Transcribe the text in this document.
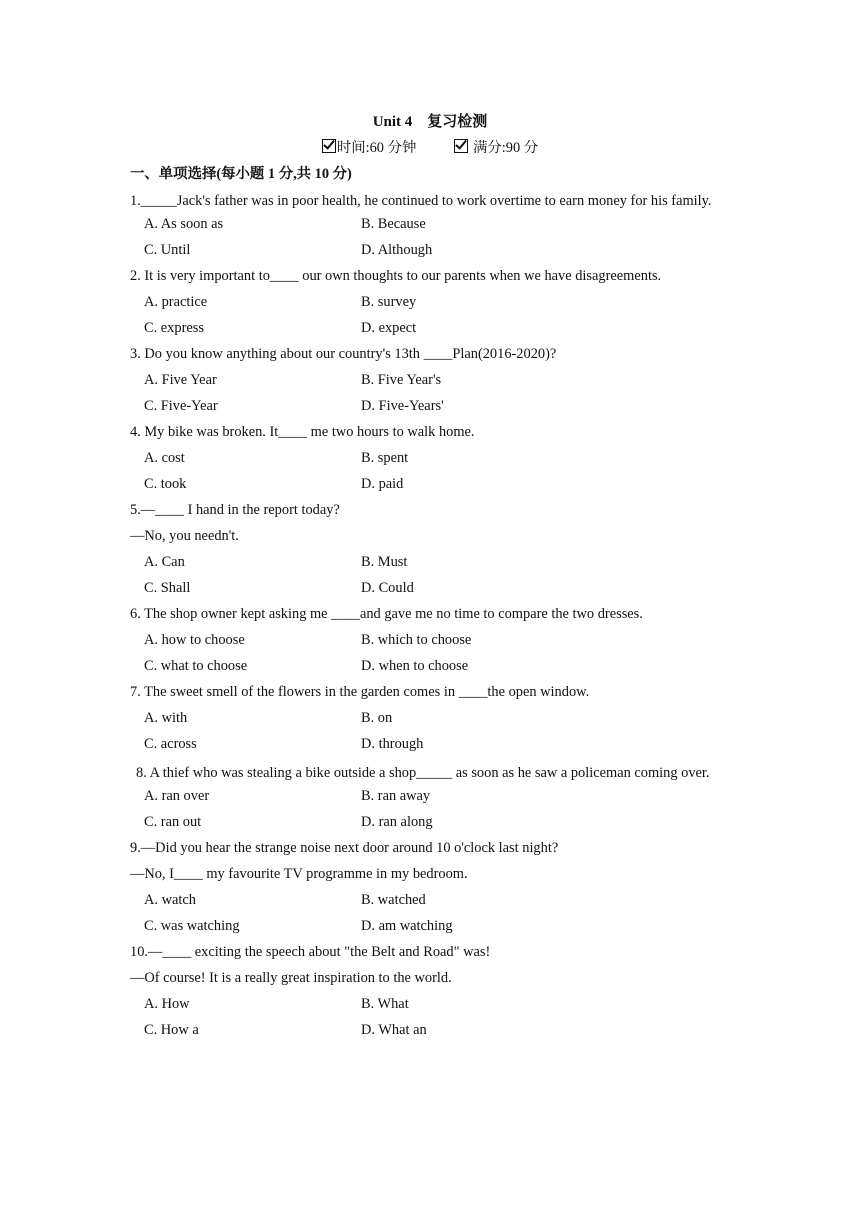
Unit 4　复习检测
时间:60 分钟	满分:90 分
一、单项选择(每小题 1 分,共 10 分)
1._____Jack's father was in poor health, he continued to work overtime to earn money for his family.
A. As soon as	B. Because
C. Until	D. Although
2. It is very important to____ our own thoughts to our parents when we have disagreements.
A. practice	B. survey
C. express	D. expect
3. Do you know anything about our country's 13th ____Plan(2016-2020)?
A. Five Year	B. Five Year's
C. Five-Year	D. Five-Years'
4. My bike was broken. It____ me two hours to walk home.
A. cost	B. spent
C. took	D. paid
5.—____ I hand in the report today?
—No, you needn't.
A. Can	B. Must
C. Shall	D. Could
6. The shop owner kept asking me ____and gave me no time to compare the two dresses.
A. how to choose	B. which to choose
C. what to choose	D. when to choose
7. The sweet smell of the flowers in the garden comes in ____the open window.
A. with	B. on
C. across	D. through
8. A thief who was stealing a bike outside a shop_____ as soon as he saw a policeman coming over.
A. ran over	B. ran away
C. ran out	D. ran along
9.—Did you hear the strange noise next door around 10 o'clock last night?
—No, I____ my favourite TV programme in my bedroom.
A. watch	B. watched
C. was watching	D. am watching
10.—____ exciting the speech about "the Belt and Road" was!
—Of course! It is a really great inspiration to the world.
A. How	B. What
C. How a	D. What an
